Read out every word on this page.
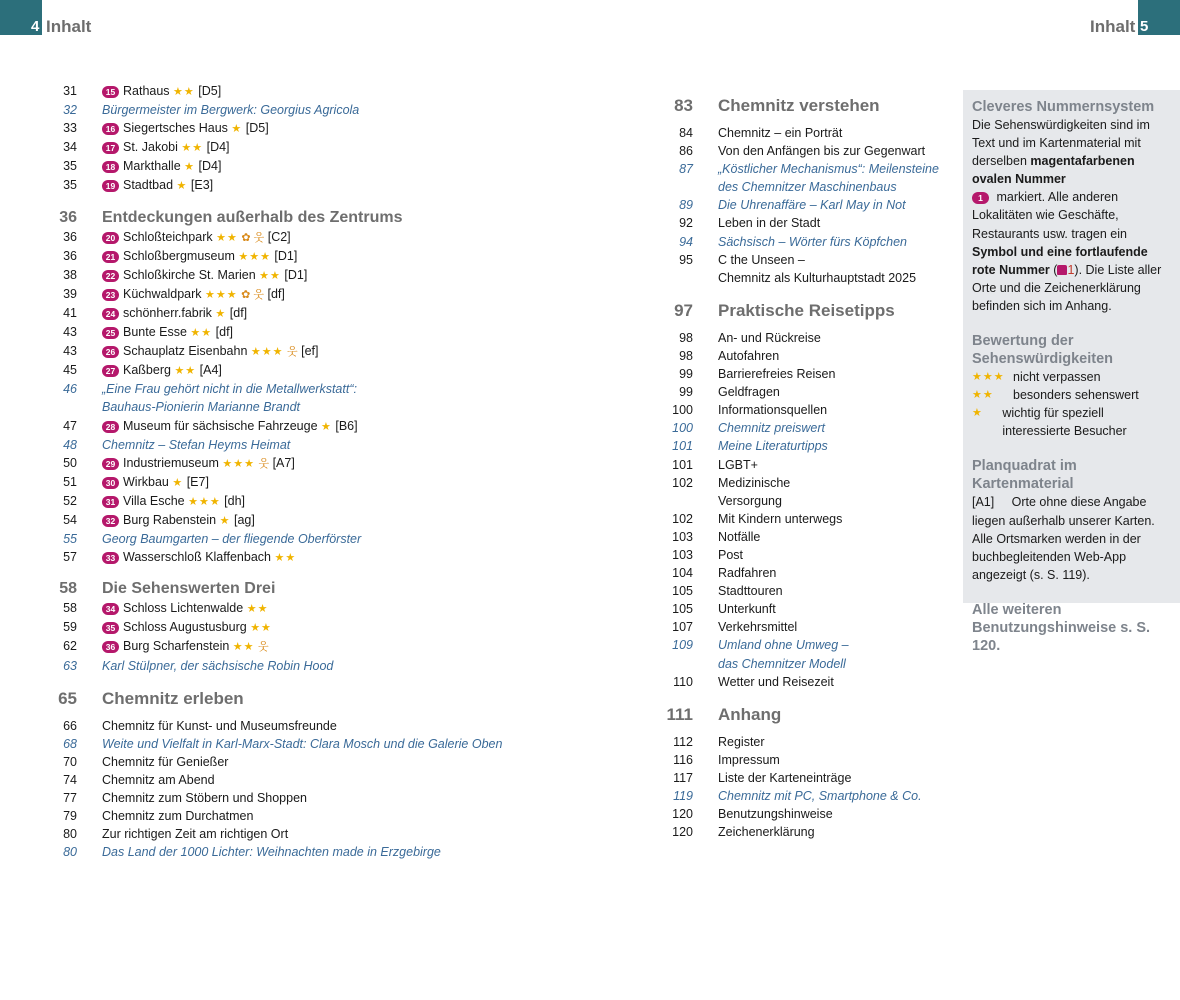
4 Inhalt	Inhalt 5
31	15 Rathaus ★★ [D5]
32	Bürgermeister im Bergwerk: Georgius Agricola
33	16 Siegertsches Haus ★ [D5]
34	17 St. Jakobi ★★ [D4]
35	18 Markthalle ★ [D4]
35	19 Stadtbad ★ [E3]
36	Entdeckungen außerhalb des Zentrums
36	20 Schloßteichpark ★★ ✿ 웃 [C2]
36	21 Schloßbergmuseum ★★★ [D1]
38	22 Schloßkirche St. Marien ★★ [D1]
39	23 Küchwaldpark ★★★ ✿ 웃 [df]
41	24 schönherr.fabrik ★ [df]
43	25 Bunte Esse ★★ [df]
43	26 Schauplatz Eisenbahn ★★★ 웃 [ef]
45	27 Kaßberg ★★ [A4]
46	„Eine Frau gehört nicht in die Metallwerkstatt“: Bauhaus-Pionierin Marianne Brandt
47	28 Museum für sächsische Fahrzeuge ★ [B6]
48	Chemnitz – Stefan Heyms Heimat
50	29 Industriemuseum ★★★ 웃 [A7]
51	30 Wirkbau ★ [E7]
52	31 Villa Esche ★★★ [dh]
54	32 Burg Rabenstein ★ [ag]
55	Georg Baumgarten – der fliegende Oberförster
57	33 Wasserschloß Klaffenbach ★★
58	Die Sehenswerten Drei
58	34 Schloss Lichtenwalde ★★
59	35 Schloss Augustusburg ★★
62	36 Burg Scharfenstein ★★ 웃
63	Karl Stülpner, der sächsische Robin Hood
65	Chemnitz erleben
66	Chemnitz für Kunst- und Museumsfreunde
68	Weite und Vielfalt in Karl-Marx-Stadt: Clara Mosch und die Galerie Oben
70	Chemnitz für Genießer
74	Chemnitz am Abend
77	Chemnitz zum Stöbern und Shoppen
79	Chemnitz zum Durchatmen
80	Zur richtigen Zeit am richtigen Ort
80	Das Land der 1000 Lichter: Weihnachten made in Erzgebirge
83	Chemnitz verstehen
84	Chemnitz – ein Porträt
86	Von den Anfängen bis zur Gegenwart
87	„Köstlicher Mechanismus“: Meilensteine des Chemnitzer Maschinenbaus
89	Die Uhrenaffäre – Karl May in Not
92	Leben in der Stadt
94	Sächsisch – Wörter fürs Köpfchen
95	C the Unseen –
Chemnitz als Kulturhauptstadt 2025
97	Praktische Reisetipps
98	An- und Rückreise
98	Autofahren
99	Barrierefreies Reisen
99	Geldfragen
100	Informationsquellen
100	Chemnitz preiswert
101	Meine Literaturtipps
101	LGBT+
102	Medizinische
Versorgung
102	Mit Kindern unterwegs
103	Notfälle
103	Post
104	Radfahren
105	Stadttouren
105	Unterkunft
107	Verkehrsmittel
109	Umland ohne Umweg –
das Chemnitzer Modell
110	Wetter und Reisezeit
111	Anhang
112	Register
116	Impressum
117	Liste der Karteneinträge
119	Chemnitz mit PC, Smartphone & Co.
120	Benutzungshinweise
120	Zeichenerklärung
Cleveres Nummernsystem
Die Sehenswürdigkeiten sind im Text und im Kartenmaterial mit derselben magentafarbenen ovalen Nummer
1 markiert. Alle anderen Lokalitäten wie Geschäfte, Restaurants usw. tragen ein Symbol und eine fortlaufende rote Nummer ( 1). Die Liste aller Orte und die Zeichenerklärung befinden sich im Anhang.
Bewertung der Sehenswürdigkeiten
★★★ nicht verpassen
★★	besonders sehenswert
★	wichtig für speziell interessierte Besucher
Planquadrat im Kartenmaterial
[A1] Orte ohne diese Angabe liegen außerhalb unserer Karten. Alle Ortsmarken werden in der buchbegleitenden Web-App angezeigt (s. S. 119).
Alle weiteren Benutzungshinweise s. S. 120.
